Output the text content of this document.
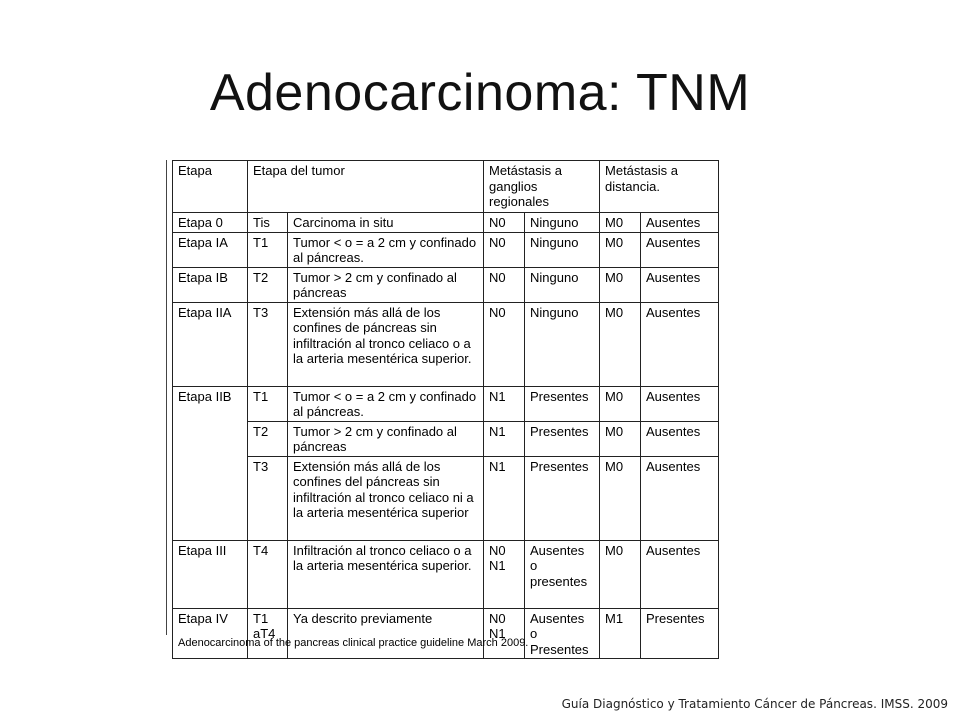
Adenocarcinoma: TNM
Etapa	Etapa del tumor		Metástasis a ganglios regionales		Metástasis a distancia.	
Etapa 0	Tis	Carcinoma in situ	N0	Ninguno	M0	Ausentes
Etapa IA	T1	Tumor < o = a 2 cm y confinado al páncreas.	N0	Ninguno	M0	Ausentes
Etapa IB	T2	Tumor > 2 cm y confinado al páncreas	N0	Ninguno	M0	Ausentes
Etapa IIA	T3	Extensión más allá de los confines de páncreas sin infiltración al tronco celiaco o a la arteria mesentérica superior.	N0	Ninguno	M0	Ausentes
Etapa IIB	T1	Tumor < o = a 2 cm y confinado al páncreas.	N1	Presentes	M0	Ausentes
	T2	Tumor > 2 cm y confinado al páncreas	N1	Presentes	M0	Ausentes
	T3	Extensión más allá de los confines del páncreas sin infiltración al tronco celiaco ni a la arteria mesentérica superior	N1	Presentes	M0	Ausentes
Etapa III	T4	Infiltración al tronco celiaco o a la arteria mesentérica superior.	N0 N1	Ausentes o presentes	M0	Ausentes
Etapa IV	T1 aT4	Ya descrito previamente	N0 N1	Ausentes o Presentes	M1	Presentes
Adenocarcinoma of the pancreas clinical practice guideline March 2009.
Guía Diagnóstico y Tratamiento Cáncer de Páncreas. IMSS. 2009
